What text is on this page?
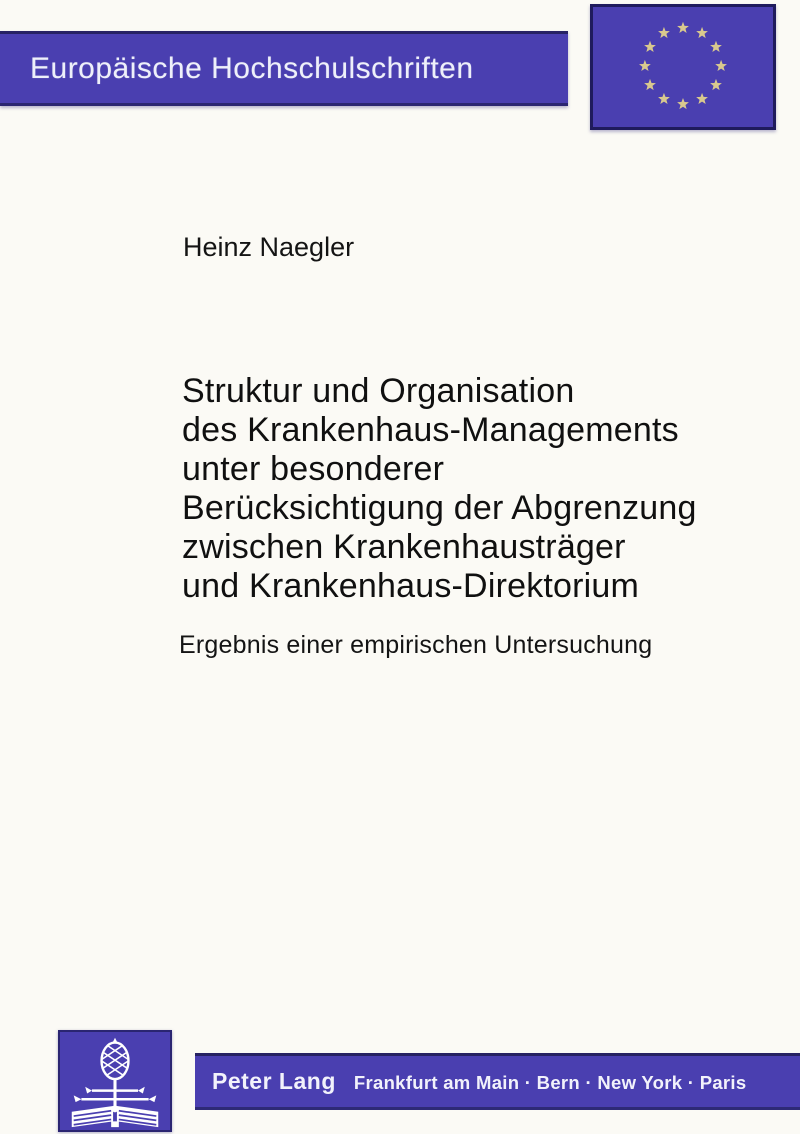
Europäische Hochschulschriften
Heinz Naegler
Struktur und Organisation
des Krankenhaus-Managements
unter besonderer
Berücksichtigung der Abgrenzung
zwischen Krankenhausträger
und Krankenhaus-Direktorium
Ergebnis einer empirischen Untersuchung
Peter Lang Frankfurt am Main · Bern · New York · Paris
